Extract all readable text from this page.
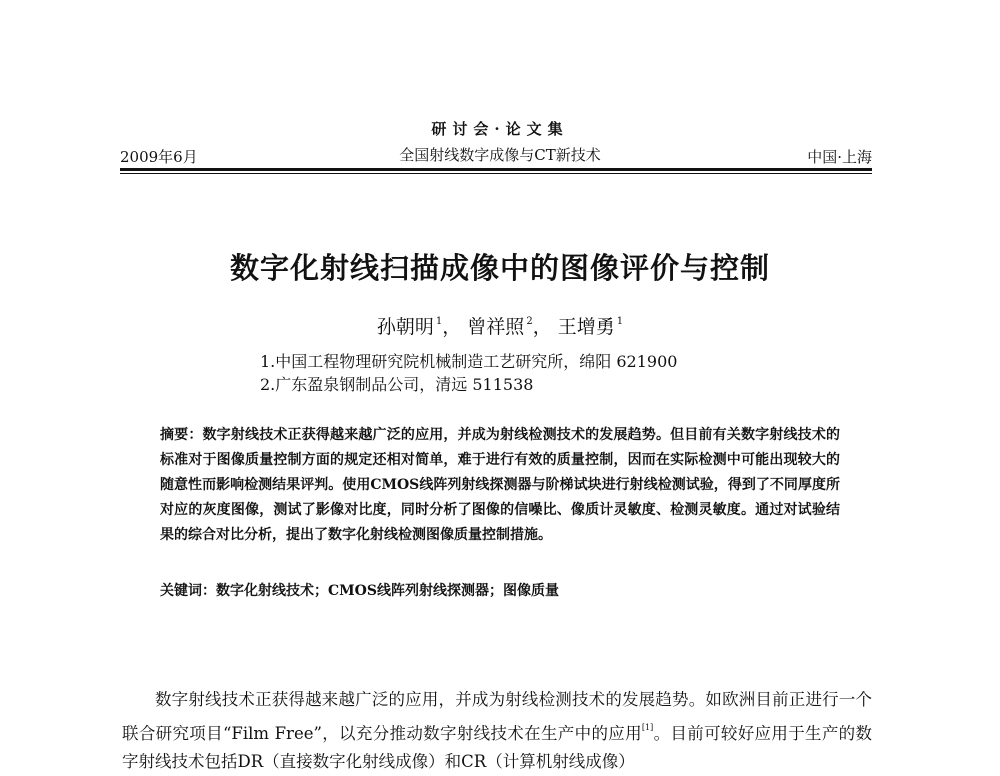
2009年6月
研讨会·论文集
全国射线数字成像与CT新技术	中国·上海
数字化射线扫描成像中的图像评价与控制
孙朝明 $^1$， 曾祥照 $^2$， 王增勇 $^1$
1.中国工程物理研究院机械制造工艺研究所，绵阳 621900
2.广东盈泉钢制品公司，清远 511538
摘要：数字射线技术正获得越来越广泛的应用，并成为射线检测技术的发展趋势。但目前有关数字射线技术的标准对于图像质量控制方面的规定还相对简单，难于进行有效的质量控制，因而在实际检测中可能出现较大的随意性而影响检测结果评判。使用CMOS线阵列射线探测器与阶梯试块进行射线检测试验，得到了不同厚度所对应的灰度图像，测试了影像对比度，同时分析了图像的信噪比、像质计灵敏度、检测灵敏度。通过对试验结果的综合对比分析，提出了数字化射线检测图像质量控制措施。
关键词：数字化射线技术；CMOS线阵列射线探测器；图像质量
数字射线技术正获得越来越广泛的应用，并成为射线检测技术的发展趋势。如欧洲目前正进行一个联合研究项目“Film Free”，以充分推动数字射线技术在生产中的应用[1]。目前可较好应用于生产的数字射线技术包括DR（直接数字化射线成像）和CR（计算机射线成像）
